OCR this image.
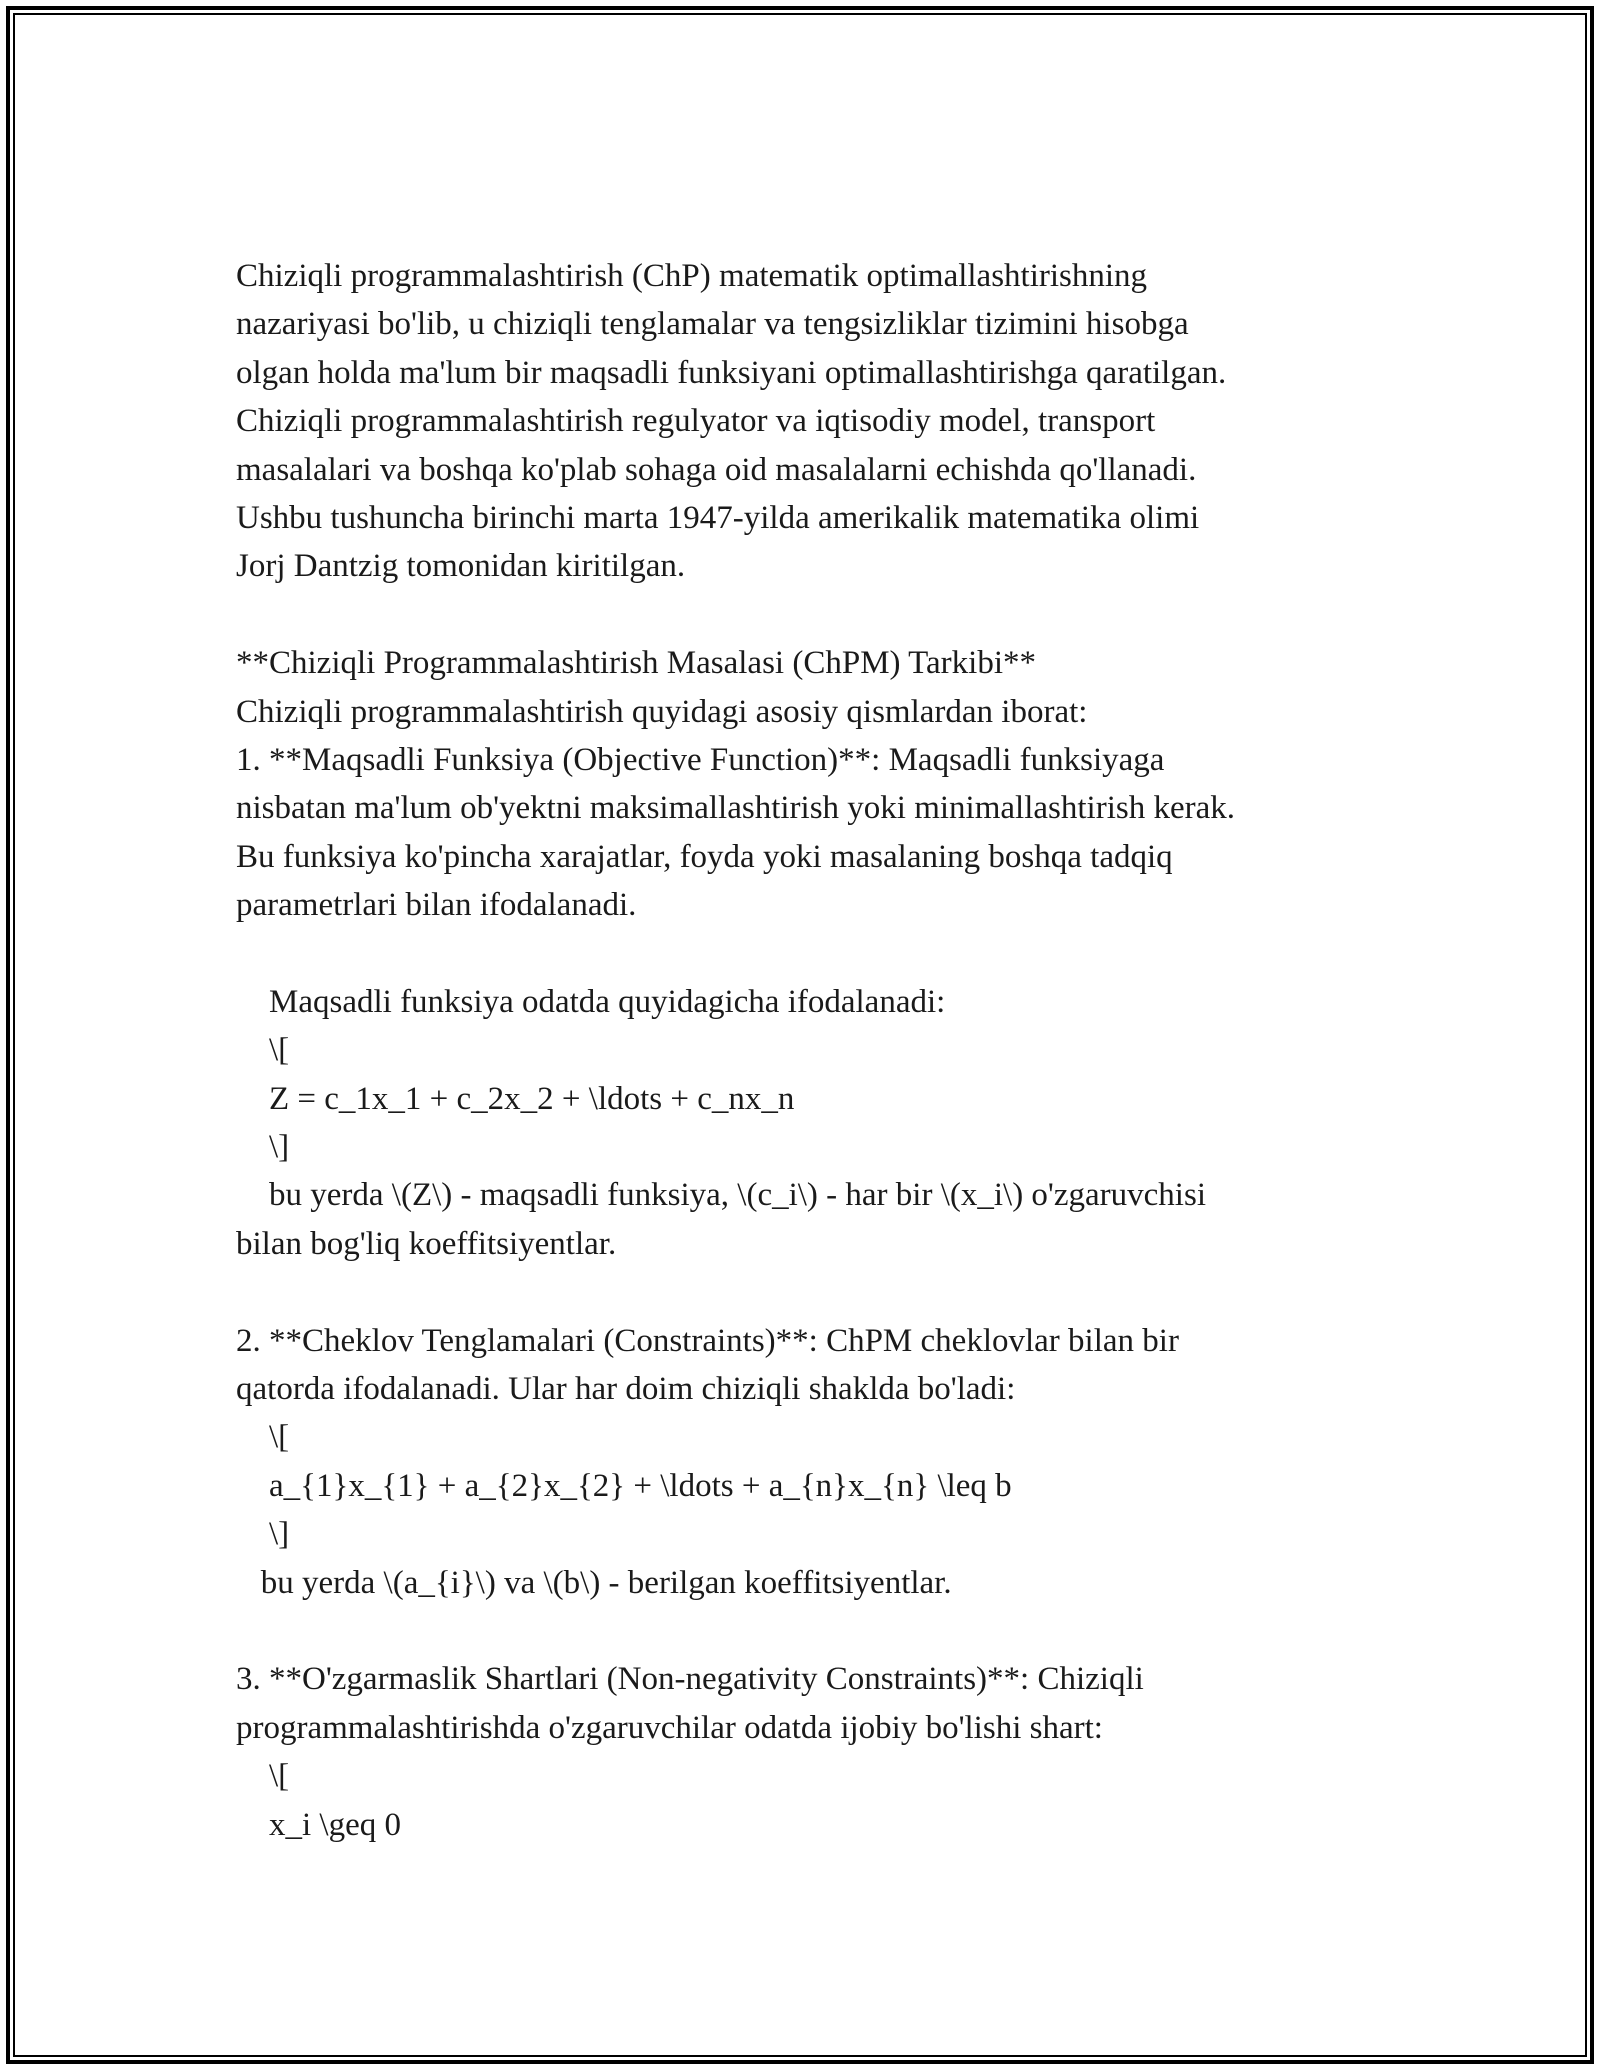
Chiziqli programmalashtirish (ChP) matematik optimallashtirishning
nazariyasi bo'lib, u chiziqli tenglamalar va tengsizliklar tizimini hisobga
olgan holda ma'lum bir maqsadli funksiyani optimallashtirishga qaratilgan.
Chiziqli programmalashtirish regulyator va iqtisodiy model, transport
masalalari va boshqa ko'plab sohaga oid masalalarni echishda qo'llanadi.
Ushbu tushuncha birinchi marta 1947-yilda amerikalik matematika olimi
Jorj Dantzig tomonidan kiritilgan.
**Chiziqli Programmalashtirish Masalasi (ChPM) Tarkibi**
Chiziqli programmalashtirish quyidagi asosiy qismlardan iborat:
1. **Maqsadli Funksiya (Objective Function)**: Maqsadli funksiyaga
nisbatan ma'lum ob'yektni maksimallashtirish yoki minimallashtirish kerak.
Bu funksiya ko'pincha xarajatlar, foyda yoki masalaning boshqa tadqiq
parametrlari bilan ifodalanadi.
Maqsadli funksiya odatda quyidagicha ifodalanadi:
\[
Z = c_1x_1 + c_2x_2 + \ldots + c_nx_n
\]
bu yerda \(Z\) - maqsadli funksiya, \(c_i\) - har bir \(x_i\) o'zgaruvchisi
bilan bog'liq koeffitsiyentlar.
2. **Cheklov Tenglamalari (Constraints)**: ChPM cheklovlar bilan bir
qatorda ifodalanadi. Ular har doim chiziqli shaklda bo'ladi:
\[
a_{1}x_{1} + a_{2}x_{2} + \ldots + a_{n}x_{n} \leq b
\]
bu yerda \(a_{i}\) va \(b\) - berilgan koeffitsiyentlar.
3. **O'zgarmaslik Shartlari (Non-negativity Constraints)**: Chiziqli
programmalashtirishda o'zgaruvchilar odatda ijobiy bo'lishi shart:
\[
x_i \geq 0
